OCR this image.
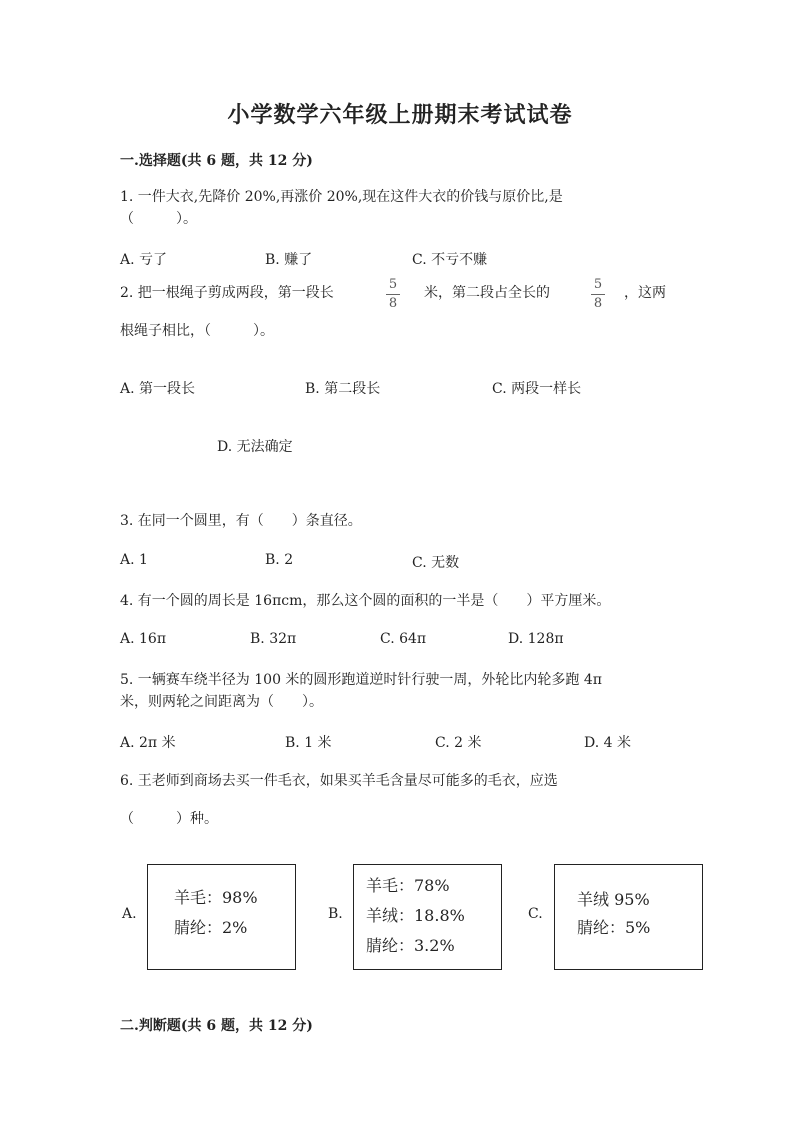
小学数学六年级上册期末考试试卷
一.选择题(共 6 题，共 12 分)
1. 一件大衣,先降价 20%,再涨价 20%,现在这件大衣的价钱与原价比,是
（　　　）。
A. 亏了	B. 赚了	C. 不亏不赚
2. 把一根绳子剪成两段，第一段长
5
8
米，第二段占全长的
5
8
，这两
根绳子相比，（　　　）。
A. 第一段长	B. 第二段长	C. 两段一样长
D. 无法确定
3. 在同一个圆里，有（　　）条直径。
A. 1	B. 2	C. 无数
4. 有一个圆的周长是 16πcm，那么这个圆的面积的一半是（　　）平方厘米。
A. 16π	B. 32π	C. 64π	D. 128π
5. 一辆赛车绕半径为 100 米的圆形跑道逆时针行驶一周，外轮比内轮多跑 4π
米，则两轮之间距离为（　　）。
A. 2π 米	B. 1 米	C. 2 米	D. 4 米
6. 王老师到商场去买一件毛衣，如果买羊毛含量尽可能多的毛衣，应选
（　　　）种。
A.
羊毛：98%
腈纶：2%
B.
羊毛：78%
羊绒：18.8%
腈纶：3.2%
C.
羊绒 95%
腈纶：5%
二.判断题(共 6 题，共 12 分)
